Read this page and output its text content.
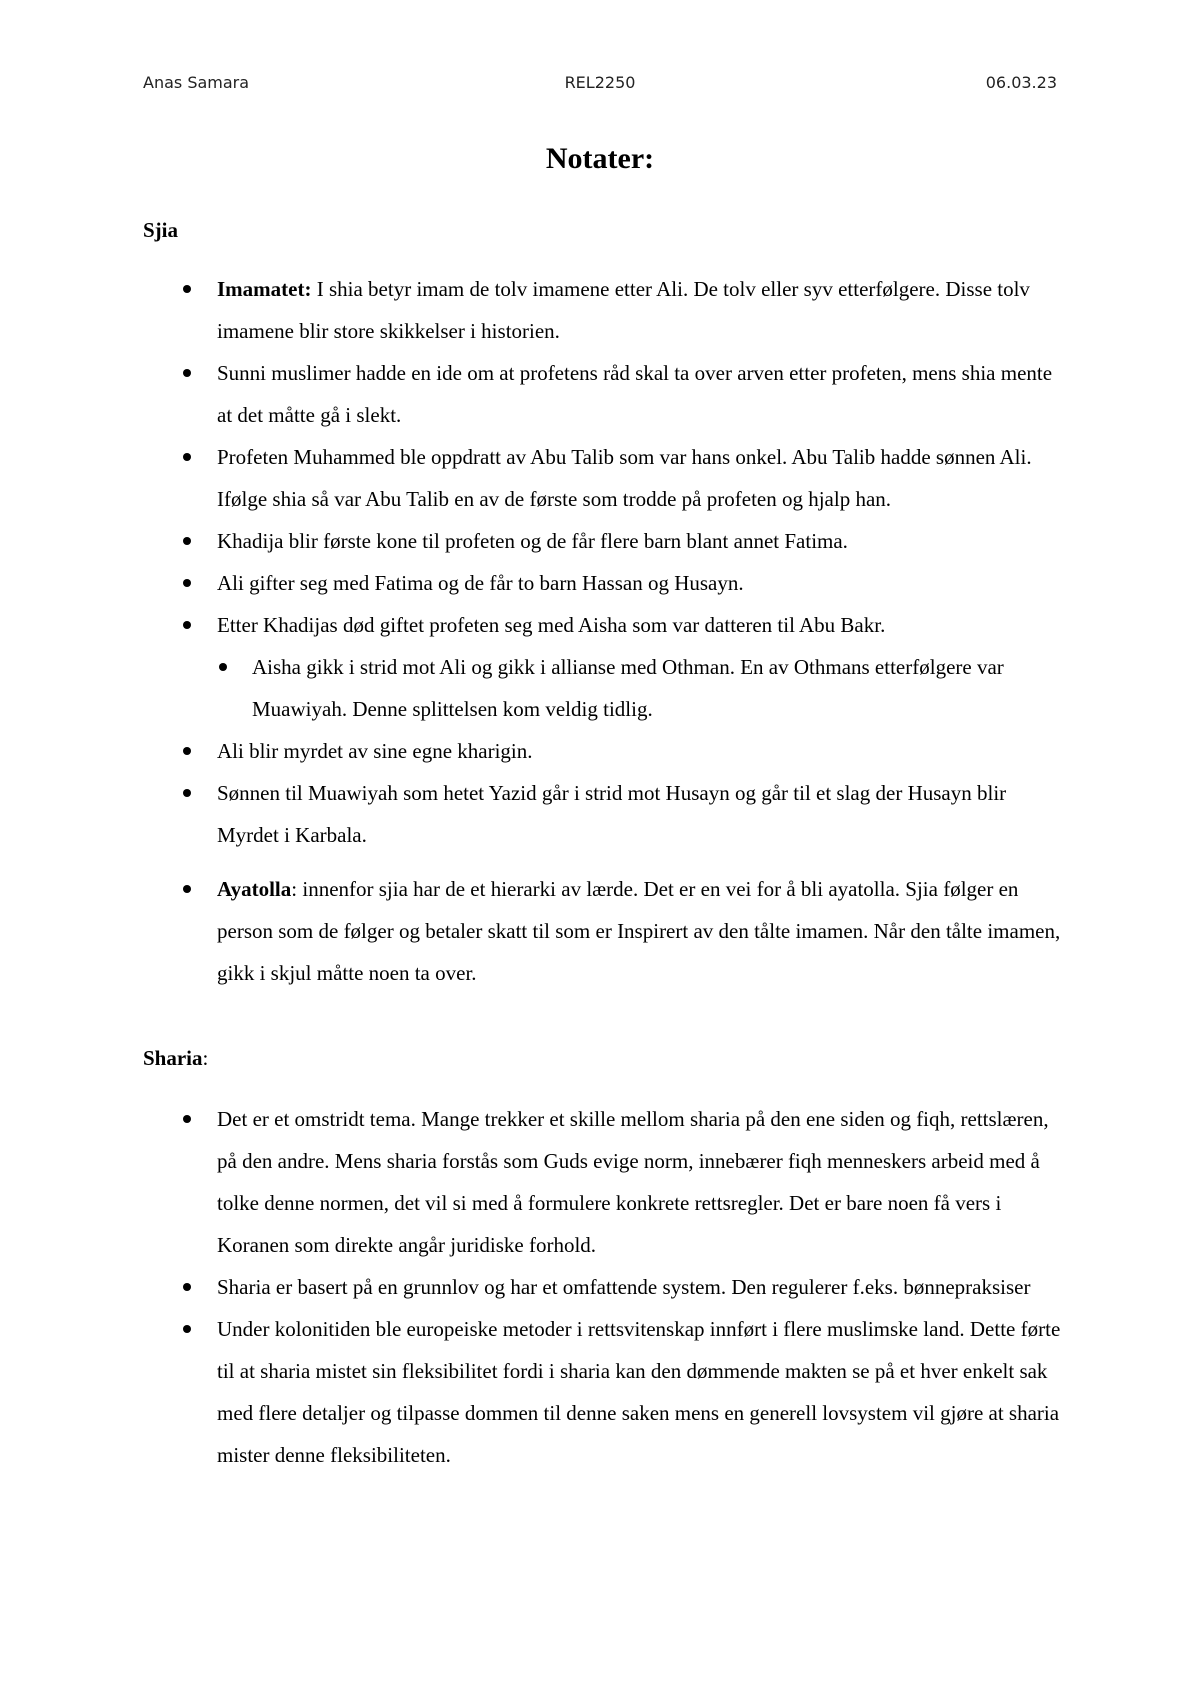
Anas Samara	REL2250	06.03.23
Notater:
Sjia
Imamatet: I shia betyr imam de tolv imamene etter Ali. De tolv eller syv etterfølgere. Disse tolv imamene blir store skikkelser i historien.
Sunni muslimer hadde en ide om at profetens råd skal ta over arven etter profeten, mens shia mente at det måtte gå i slekt.
Profeten Muhammed ble oppdratt av Abu Talib som var hans onkel. Abu Talib hadde sønnen Ali. Ifølge shia så var Abu Talib en av de første som trodde på profeten og hjalp han.
Khadija blir første kone til profeten og de får flere barn blant annet Fatima.
Ali gifter seg med Fatima og de får to barn Hassan og Husayn.
Etter Khadijas død giftet profeten seg med Aisha som var datteren til Abu Bakr.
Aisha gikk i strid mot Ali og gikk i allianse med Othman. En av Othmans etterfølgere var Muawiyah. Denne splittelsen kom veldig tidlig.
Ali blir myrdet av sine egne kharigin.
Sønnen til Muawiyah som hetet Yazid går i strid mot Husayn og går til et slag der Husayn blir Myrdet i Karbala.
Ayatolla: innenfor sjia har de et hierarki av lærde. Det er en vei for å bli ayatolla. Sjia følger en person som de følger og betaler skatt til som er Inspirert av den tålte imamen. Når den tålte imamen, gikk i skjul måtte noen ta over.
Sharia:
Det er et omstridt tema. Mange trekker et skille mellom sharia på den ene siden og fiqh, rettslæren, på den andre. Mens sharia forstås som Guds evige norm, innebærer fiqh menneskers arbeid med å tolke denne normen, det vil si med å formulere konkrete rettsregler. Det er bare noen få vers i Koranen som direkte angår juridiske forhold.
Sharia er basert på en grunnlov og har et omfattende system. Den regulerer f.eks. bønnepraksiser
Under kolonitiden ble europeiske metoder i rettsvitenskap innført i flere muslimske land. Dette førte til at sharia mistet sin fleksibilitet fordi i sharia kan den dømmende makten se på et hver enkelt sak med flere detaljer og tilpasse dommen til denne saken mens en generell lovsystem vil gjøre at sharia mister denne fleksibiliteten.
